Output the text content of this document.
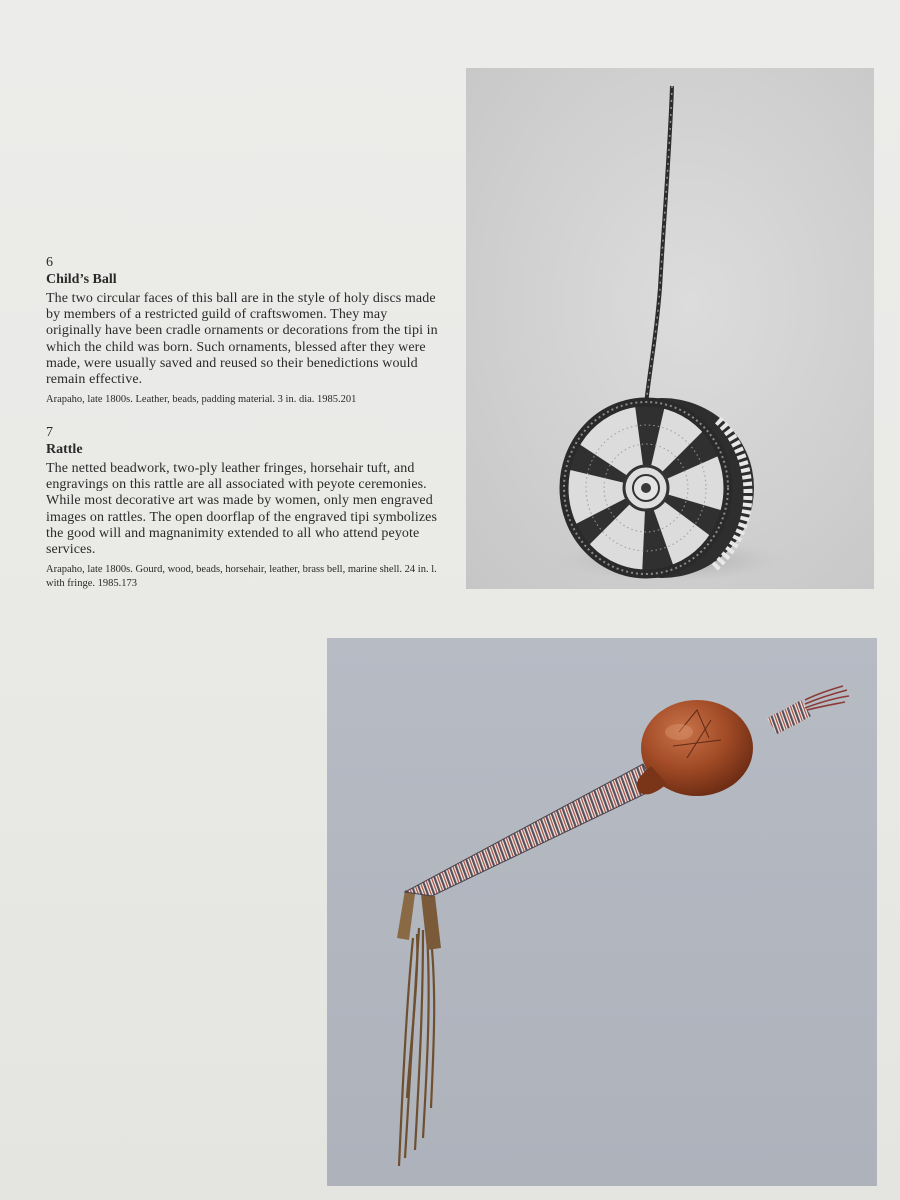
6
Child’s Ball
The two circular faces of this ball are in the style of holy discs made by members of a restricted guild of craftswomen. They may originally have been cradle ornaments or decorations from the tipi in which the child was born. Such ornaments, blessed after they were made, were usually saved and reused so their benedictions would remain effective.
Arapaho, late 1800s. Leather, beads, padding material. 3 in. dia. 1985.201
7
Rattle
The netted beadwork, two-ply leather fringes, horsehair tuft, and engravings on this rattle are all associated with peyote ceremonies. While most decorative art was made by women, only men engraved images on rattles. The open doorflap of the engraved tipi symbolizes the good will and magnanimity extended to all who attend peyote services.
Arapaho, late 1800s. Gourd, wood, beads, horsehair, leather, brass bell, marine shell. 24 in. l. with fringe. 1985.173
